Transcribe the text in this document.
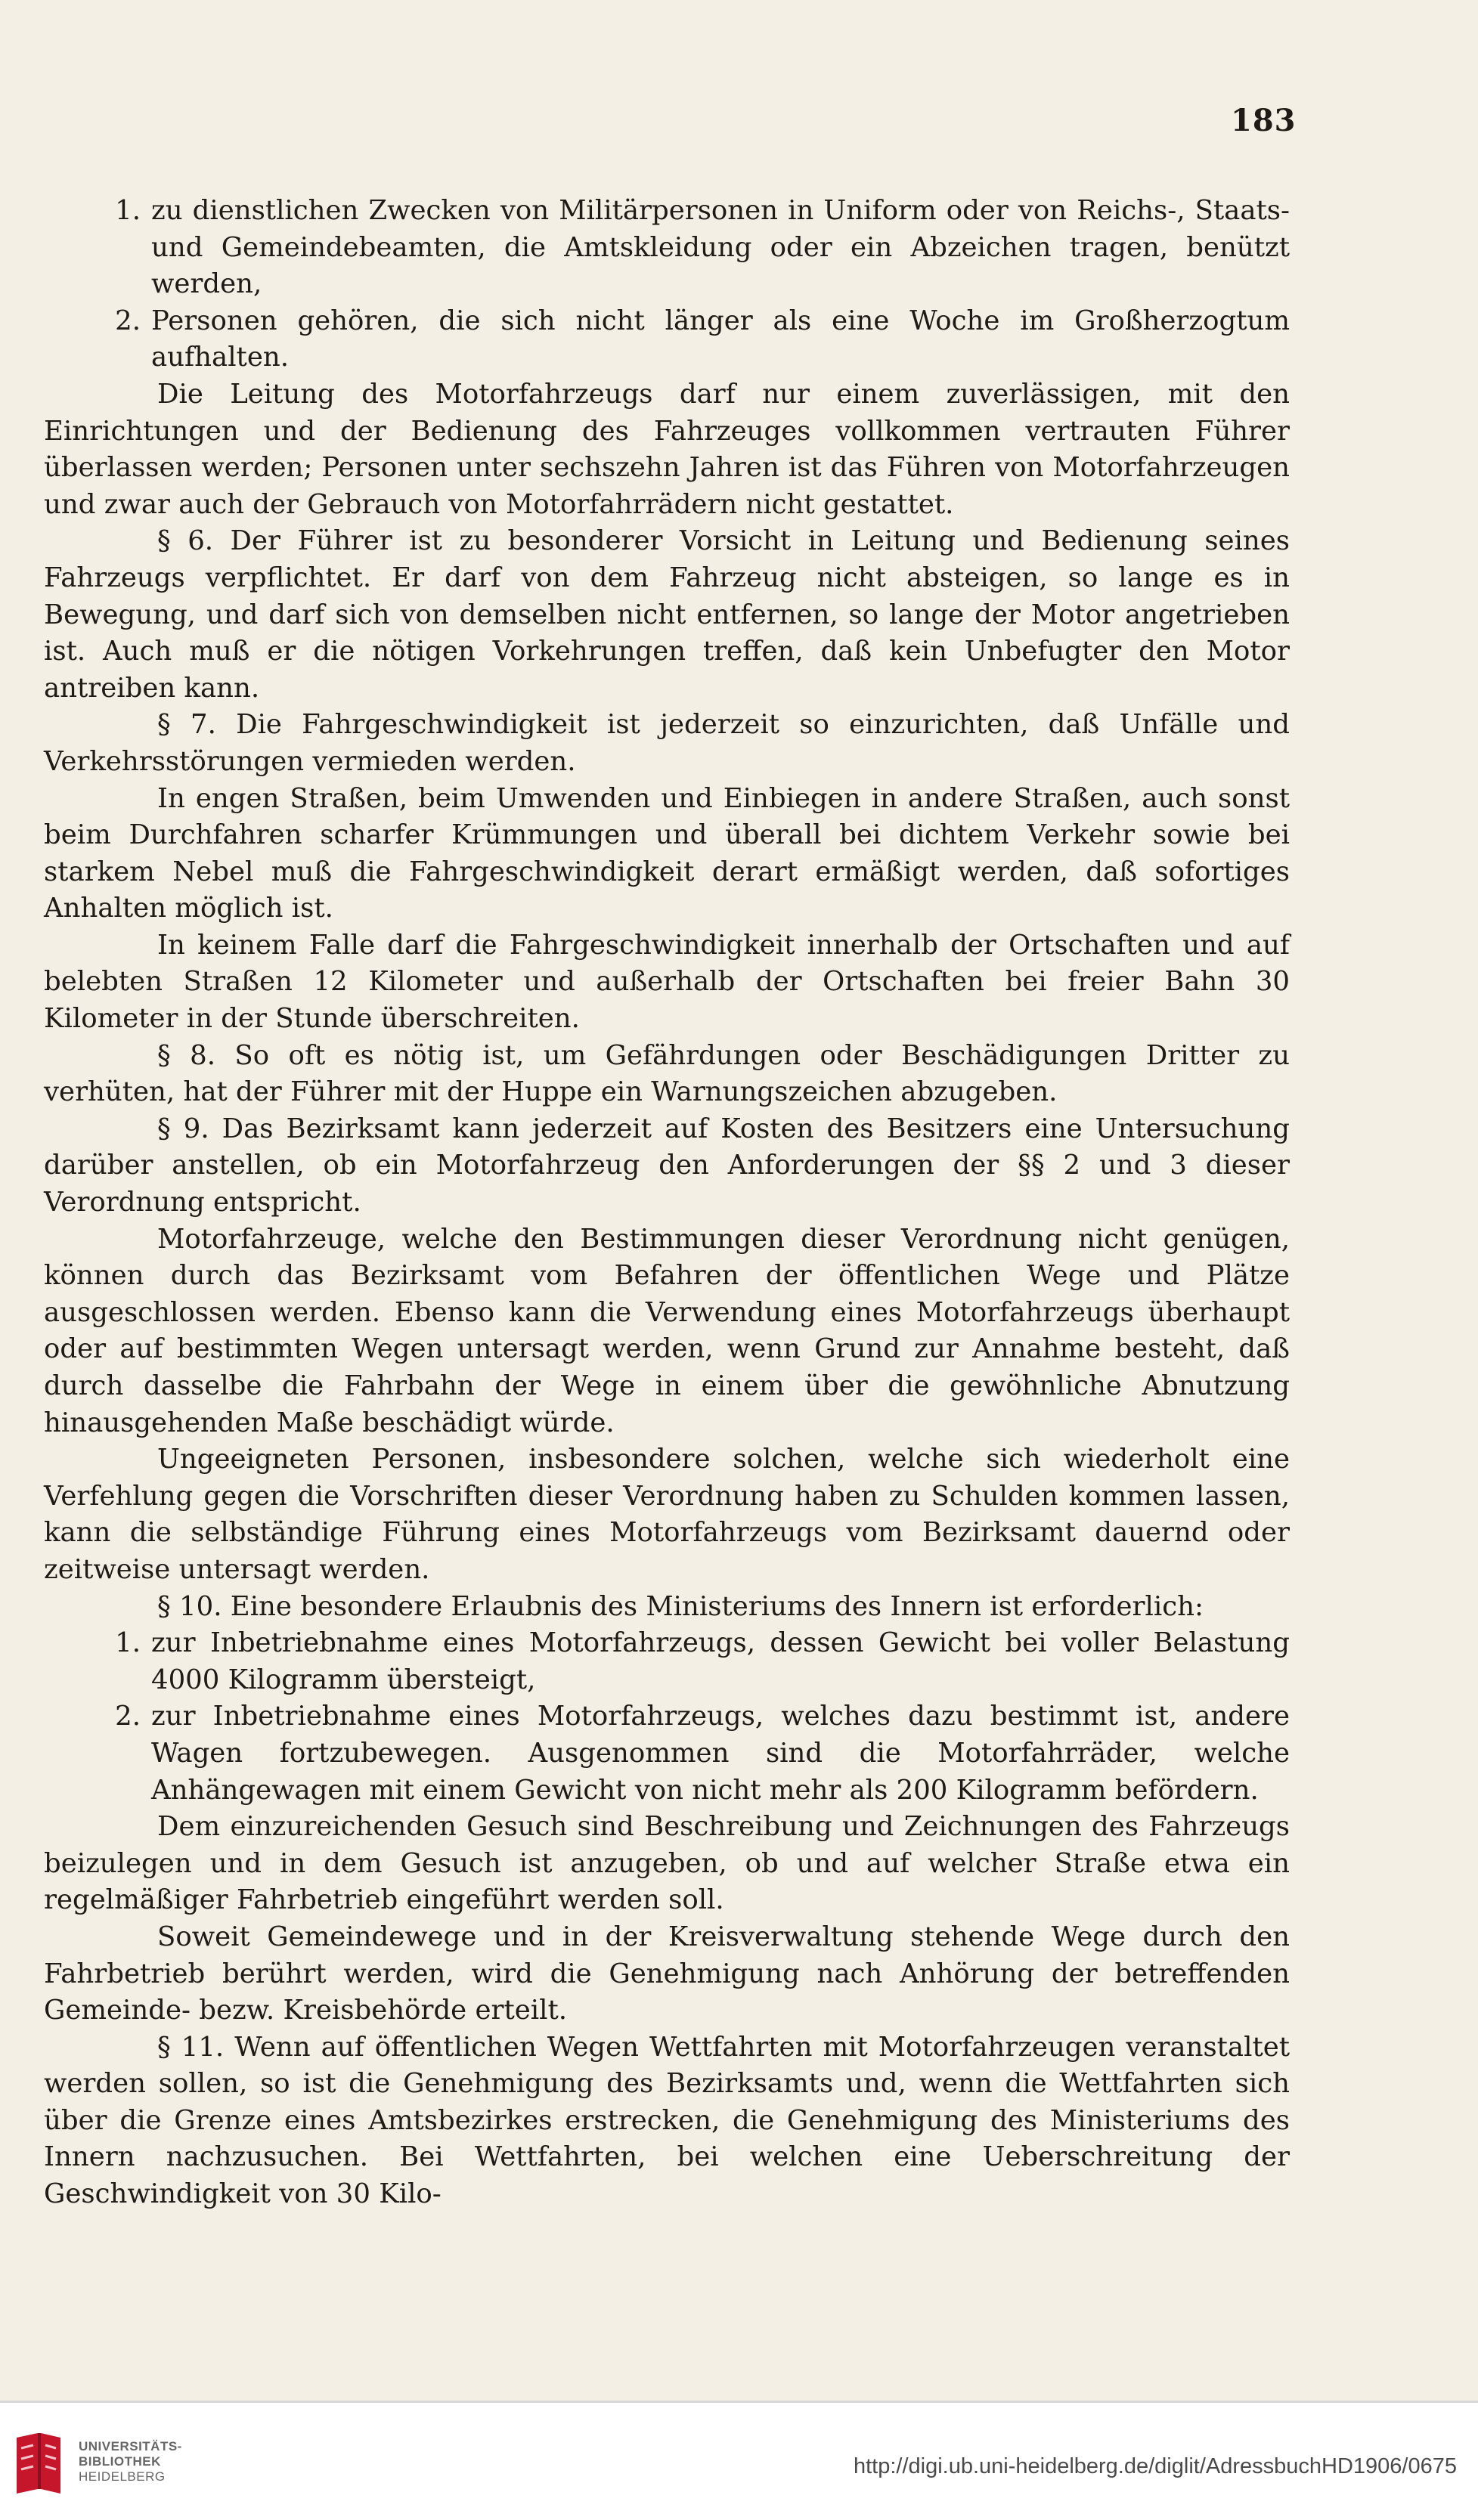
183
1. zu dienstlichen Zwecken von Militärpersonen in Uniform oder von Reichs-, Staats- und Gemeindebeamten, die Amtskleidung oder ein Abzeichen tragen, benützt werden,
2. Personen gehören, die sich nicht länger als eine Woche im Großherzogtum aufhalten.

Die Leitung des Motorfahrzeugs darf nur einem zuverlässigen, mit den Einrichtungen und der Bedienung des Fahrzeuges vollkommen vertrauten Führer überlassen werden; Personen unter sechszehn Jahren ist das Führen von Motorfahrzeugen und zwar auch der Gebrauch von Motorfahrrädern nicht gestattet.

§ 6. Der Führer ist zu besonderer Vorsicht in Leitung und Bedienung seines Fahrzeugs verpflichtet. Er darf von dem Fahrzeug nicht absteigen, so lange es in Bewegung, und darf sich von demselben nicht entfernen, so lange der Motor angetrieben ist. Auch muß er die nötigen Vorkehrungen treffen, daß kein Unbefugter den Motor antreiben kann.

§ 7. Die Fahrgeschwindigkeit ist jederzeit so einzurichten, daß Unfälle und Verkehrsstörungen vermieden werden.

In engen Straßen, beim Umwenden und Einbiegen in andere Straßen, auch sonst beim Durchfahren scharfer Krümmungen und überall bei dichtem Verkehr sowie bei starkem Nebel muß die Fahrgeschwindigkeit derart ermäßigt werden, daß sofortiges Anhalten möglich ist.

In keinem Falle darf die Fahrgeschwindigkeit innerhalb der Ortschaften und auf belebten Straßen 12 Kilometer und außerhalb der Ortschaften bei freier Bahn 30 Kilometer in der Stunde überschreiten.

§ 8. So oft es nötig ist, um Gefährdungen oder Beschädigungen Dritter zu verhüten, hat der Führer mit der Huppe ein Warnungszeichen abzugeben.

§ 9. Das Bezirksamt kann jederzeit auf Kosten des Besitzers eine Untersuchung darüber anstellen, ob ein Motorfahrzeug den Anforderungen der §§ 2 und 3 dieser Verordnung entspricht.

Motorfahrzeuge, welche den Bestimmungen dieser Verordnung nicht genügen, können durch das Bezirksamt vom Befahren der öffentlichen Wege und Plätze ausgeschlossen werden. Ebenso kann die Verwendung eines Motorfahrzeugs überhaupt oder auf bestimmten Wegen untersagt werden, wenn Grund zur Annahme besteht, daß durch dasselbe die Fahrbahn der Wege in einem über die gewöhnliche Abnutzung hinausgehenden Maße beschädigt würde.

Ungeeigneten Personen, insbesondere solchen, welche sich wiederholt eine Verfehlung gegen die Vorschriften dieser Verordnung haben zu Schulden kommen lassen, kann die selbständige Führung eines Motorfahrzeugs vom Bezirksamt dauernd oder zeitweise untersagt werden.

§ 10. Eine besondere Erlaubnis des Ministeriums des Innern ist erforderlich:

1. zur Inbetriebnahme eines Motorfahrzeugs, dessen Gewicht bei voller Belastung 4000 Kilogramm übersteigt,
2. zur Inbetriebnahme eines Motorfahrzeugs, welches dazu bestimmt ist, andere Wagen fortzubewegen. Ausgenommen sind die Motorfahrräder, welche Anhängewagen mit einem Gewicht von nicht mehr als 200 Kilogramm befördern.

Dem einzureichenden Gesuch sind Beschreibung und Zeichnungen des Fahrzeugs beizulegen und in dem Gesuch ist anzugeben, ob und auf welcher Straße etwa ein regelmäßiger Fahrbetrieb eingeführt werden soll.

Soweit Gemeindewege und in der Kreisverwaltung stehende Wege durch den Fahrbetrieb berührt werden, wird die Genehmigung nach Anhörung der betreffenden Gemeinde- bezw. Kreisbehörde erteilt.

§ 11. Wenn auf öffentlichen Wegen Wettfahrten mit Motorfahrzeugen veranstaltet werden sollen, so ist die Genehmigung des Bezirksamts und, wenn die Wettfahrten sich über die Grenze eines Amtsbezirkes erstrecken, die Genehmigung des Ministeriums des Innern nachzusuchen. Bei Wettfahrten, bei welchen eine Ueberschreitung der Geschwindigkeit von 30 Kilo-

UNIVERSITÄTS-
BIBLIOTHEK
HEIDELBERG	http://digi.ub.uni-heidelberg.de/diglit/AdressbuchHD1906/0675
